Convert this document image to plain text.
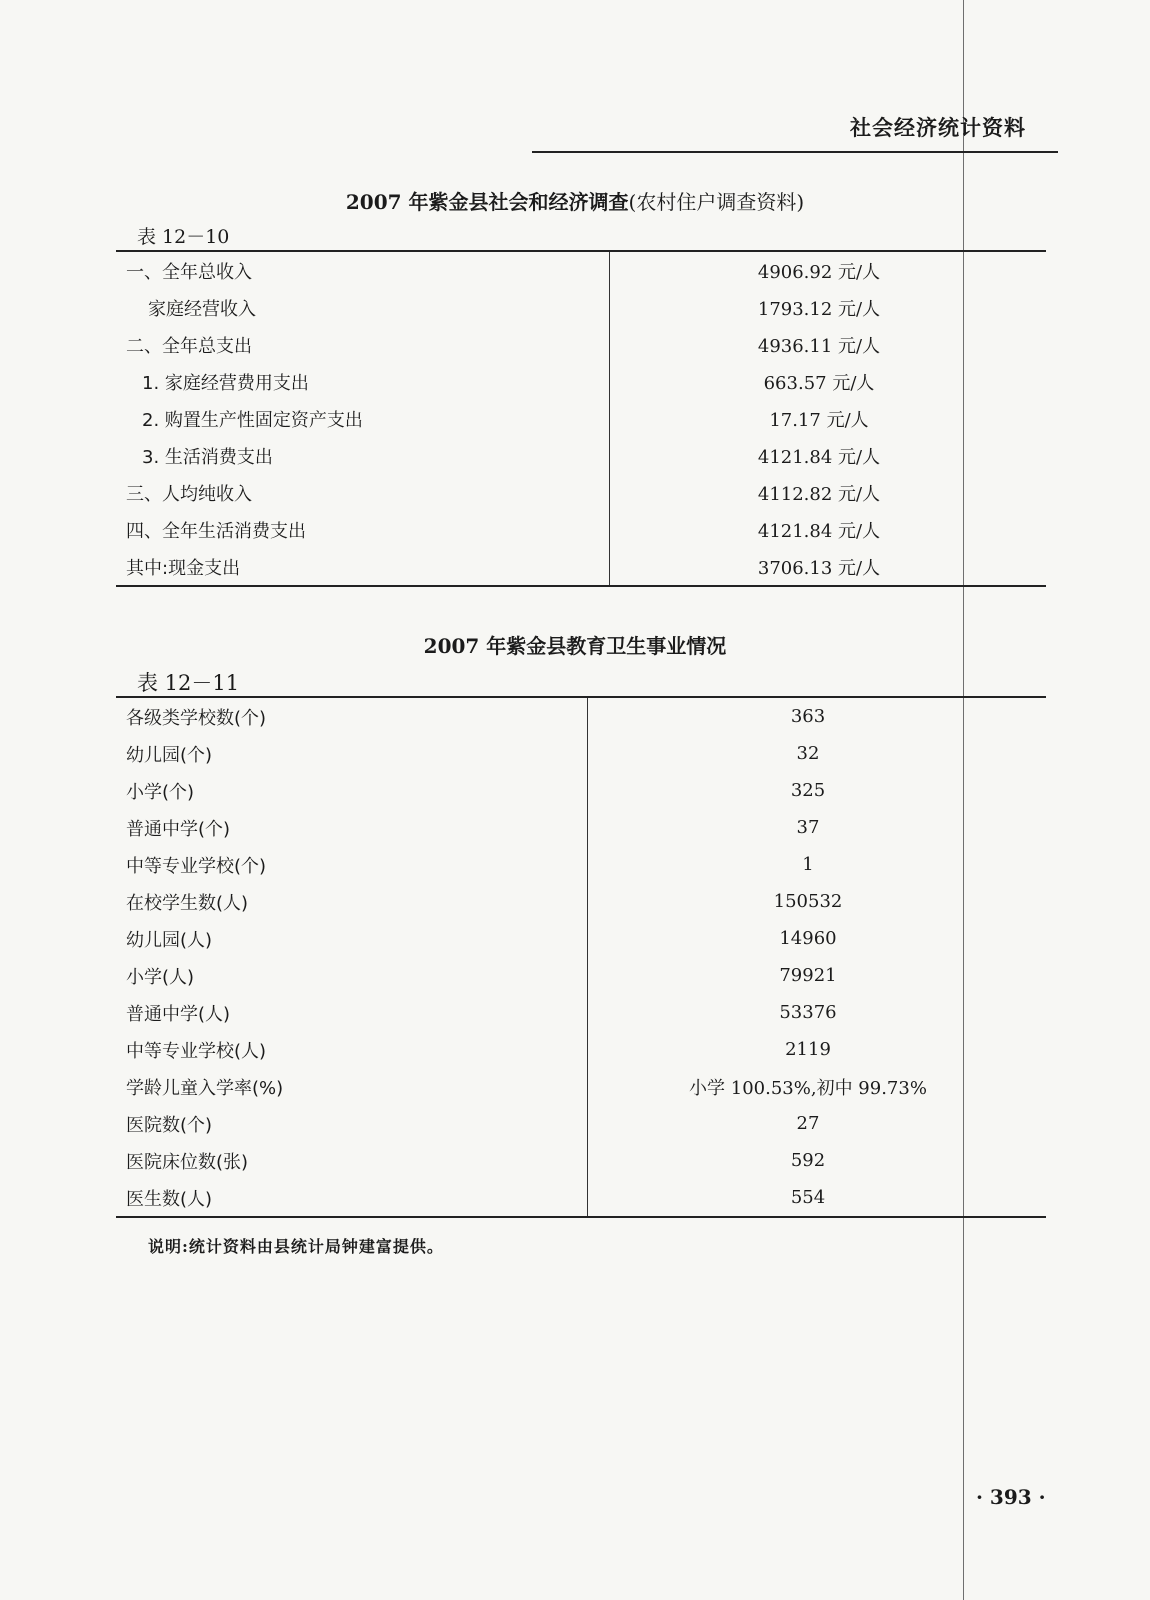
社会经济统计资料
2007 年紫金县社会和经济调查(农村住户调查资料)
表 12－10
一、全年总收入	4906.92 元/人
家庭经营收入	1793.12 元/人
二、全年总支出	4936.11 元/人
1. 家庭经营费用支出	663.57 元/人
2. 购置生产性固定资产支出	17.17 元/人
3. 生活消费支出	4121.84 元/人
三、人均纯收入	4112.82 元/人
四、全年生活消费支出	4121.84 元/人
其中:现金支出	3706.13 元/人
2007 年紫金县教育卫生事业情况
表 12－11
各级类学校数(个)	363
幼儿园(个)	32
小学(个)	325
普通中学(个)	37
中等专业学校(个)	1
在校学生数(人)	150532
幼儿园(人)	14960
小学(人)	79921
普通中学(人)	53376
中等专业学校(人)	2119
学龄儿童入学率(%)	小学 100.53%,初中 99.73%
医院数(个)	27
医院床位数(张)	592
医生数(人)	554
说明:统计资料由县统计局钟建富提供。
· 393 ·
